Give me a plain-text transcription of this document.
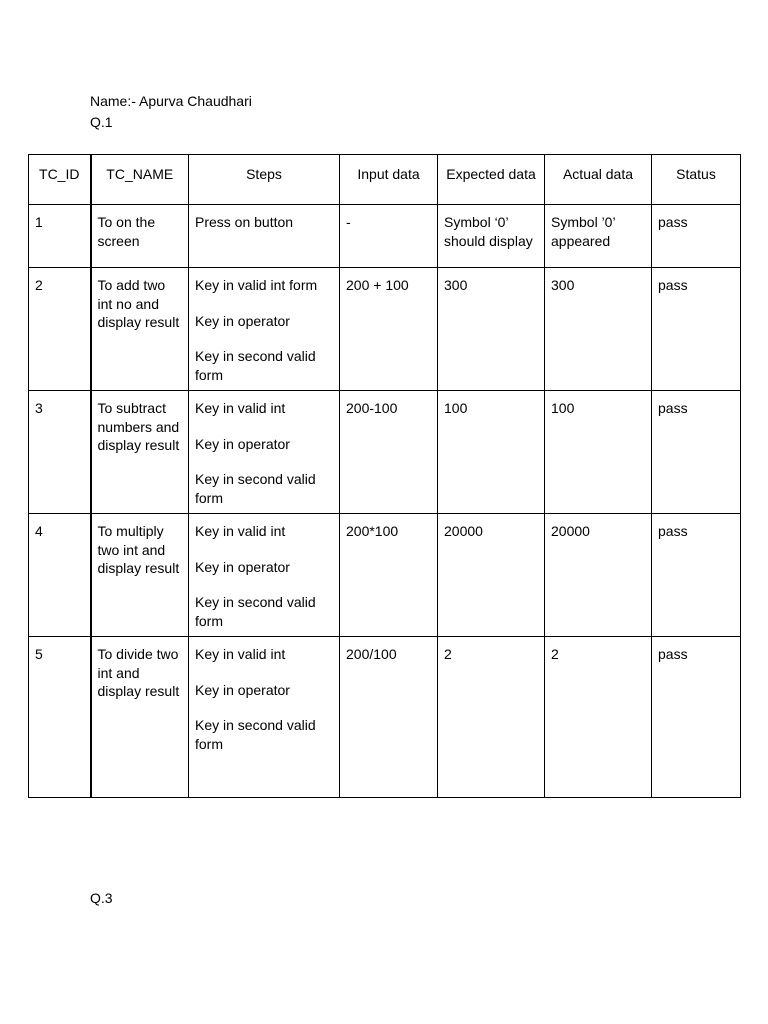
Name:- Apurva Chaudhari
Q.1
TC_ID	TC_NAME	Steps	Input data	Expected data	Actual data	Status
1	To on the screen	Press on button	-	Symbol ‘0’ should display	Symbol ’0’ appeared	pass
2	To add two int no and display result	Key in valid int form
Key in operator
Key in second valid form	200 + 100	300	300	pass
3	To subtract numbers and display result	Key in valid int
Key in operator
Key in second valid form	200-100	100	100	pass
4	To multiply two int and display result	Key in valid int
Key in operator
Key in second valid form	200*100	20000	20000	pass
5	To divide two int and display result	Key in valid int
Key in operator
Key in second valid form	200/100	2	2	pass
Q.3
